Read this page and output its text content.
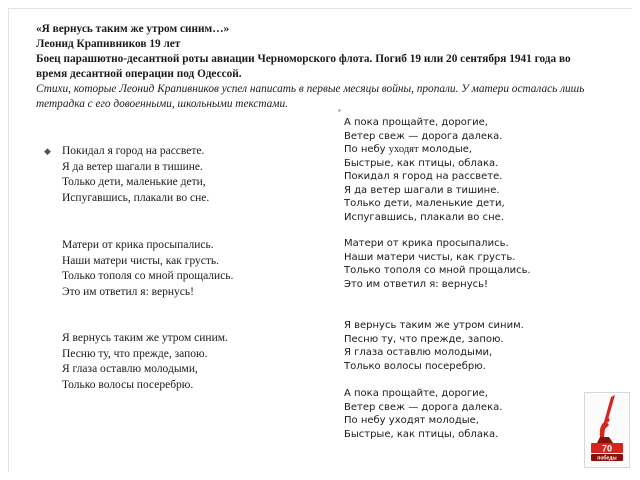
«Я вернусь таким же утром синим…»
Леонид Крапивников 19 лет
Боец парашютно-десантной роты авиации Черноморского флота. Погиб 19 или 20 сентября 1941 года во время десантной операции под Одессой.
Стихи, которые Леонид Крапивников успел написать в первые месяцы войны, пропали. У матери осталась лишь тетрадка с его довоенными, школьными текстами.
▪
◆ Покидал я город на рассвете.
Я да ветер шагали в тишине.
Только дети, маленькие дети,
Испугавшись, плакали во сне.
Матери от крика просыпались.
Наши матери чисты, как грусть.
Только тополя со мной прощались.
Это им ответил я: вернусь!
Я вернусь таким же утром синим.
Песню ту, что прежде, запою.
Я глаза оставлю молодыми,
Только волосы посеребрю.
А пока прощайте, дорогие,
Ветер свеж — дорога далека.
По небу уходят молодые,
Быстрые, как птицы, облака.
Покидал я город на рассвете.
Я да ветер шагали в тишине.
Только дети, маленькие дети,
Испугавшись, плакали во сне.
Матери от крика просыпались.
Наши матери чисты, как грусть.
Только тополя со мной прощались.
Это им ответил я: вернусь!
Я вернусь таким же утром синим.
Песню ту, что прежде, запою.
Я глаза оставлю молодыми,
Только волосы посеребрю.
А пока прощайте, дорогие,
Ветер свеж — дорога далека.
По небу уходят молодые,
Быстрые, как птицы, облака.
70
победы
